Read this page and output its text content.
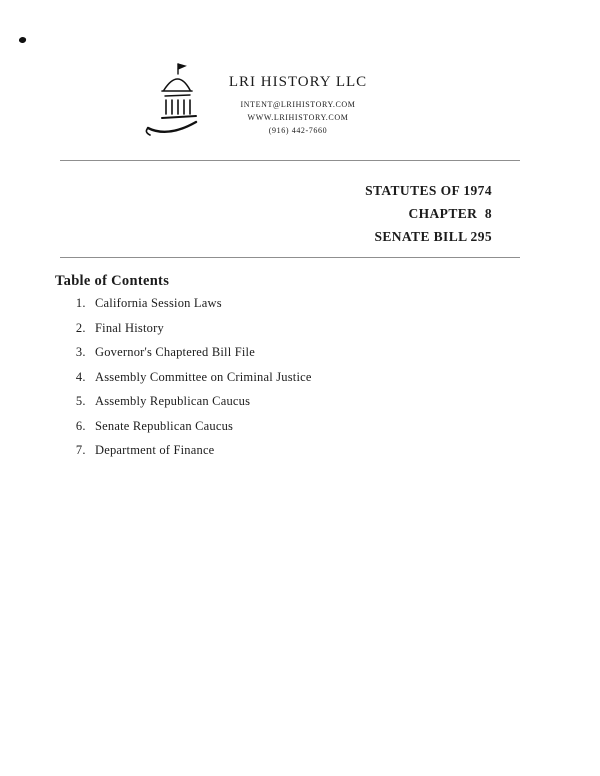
LRI HISTORY LLC
INTENT@LRIHISTORY.COM
WWW.LRIHISTORY.COM
(916) 442-7660
STATUTES OF 1974
CHAPTER  8
SENATE BILL 295
Table of Contents
1. California Session Laws
2. Final History
3. Governor's Chaptered Bill File
4. Assembly Committee on Criminal Justice
5. Assembly Republican Caucus
6. Senate Republican Caucus
7. Department of Finance
